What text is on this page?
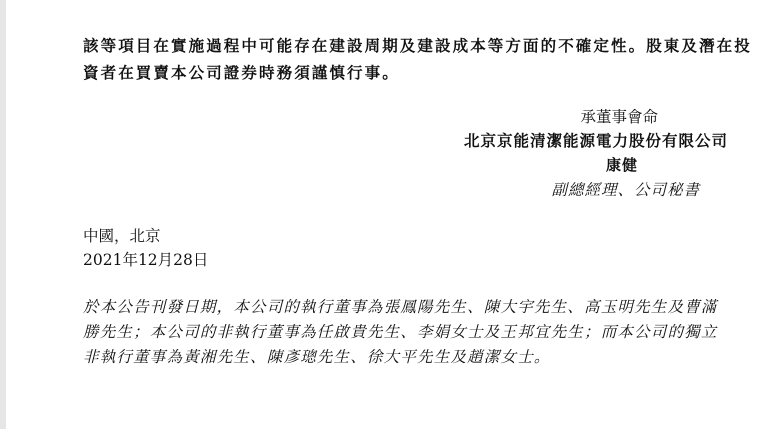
該等項目在實施過程中可能存在建設周期及建設成本等方面的不確定性。股東及潛在投
資者在買賣本公司證券時務須謹慎行事。
承董事會命
北京京能清潔能源電力股份有限公司
康健
副總經理、公司秘書
中國，北京
2021年12月28日
於本公告刊發日期，本公司的執行董事為張鳳陽先生、陳大宇先生、高玉明先生及曹滿
勝先生；本公司的非執行董事為任啟貴先生、李娟女士及王邦宜先生；而本公司的獨立
非執行董事為黃湘先生、陳彥璁先生、徐大平先生及趙潔女士。
